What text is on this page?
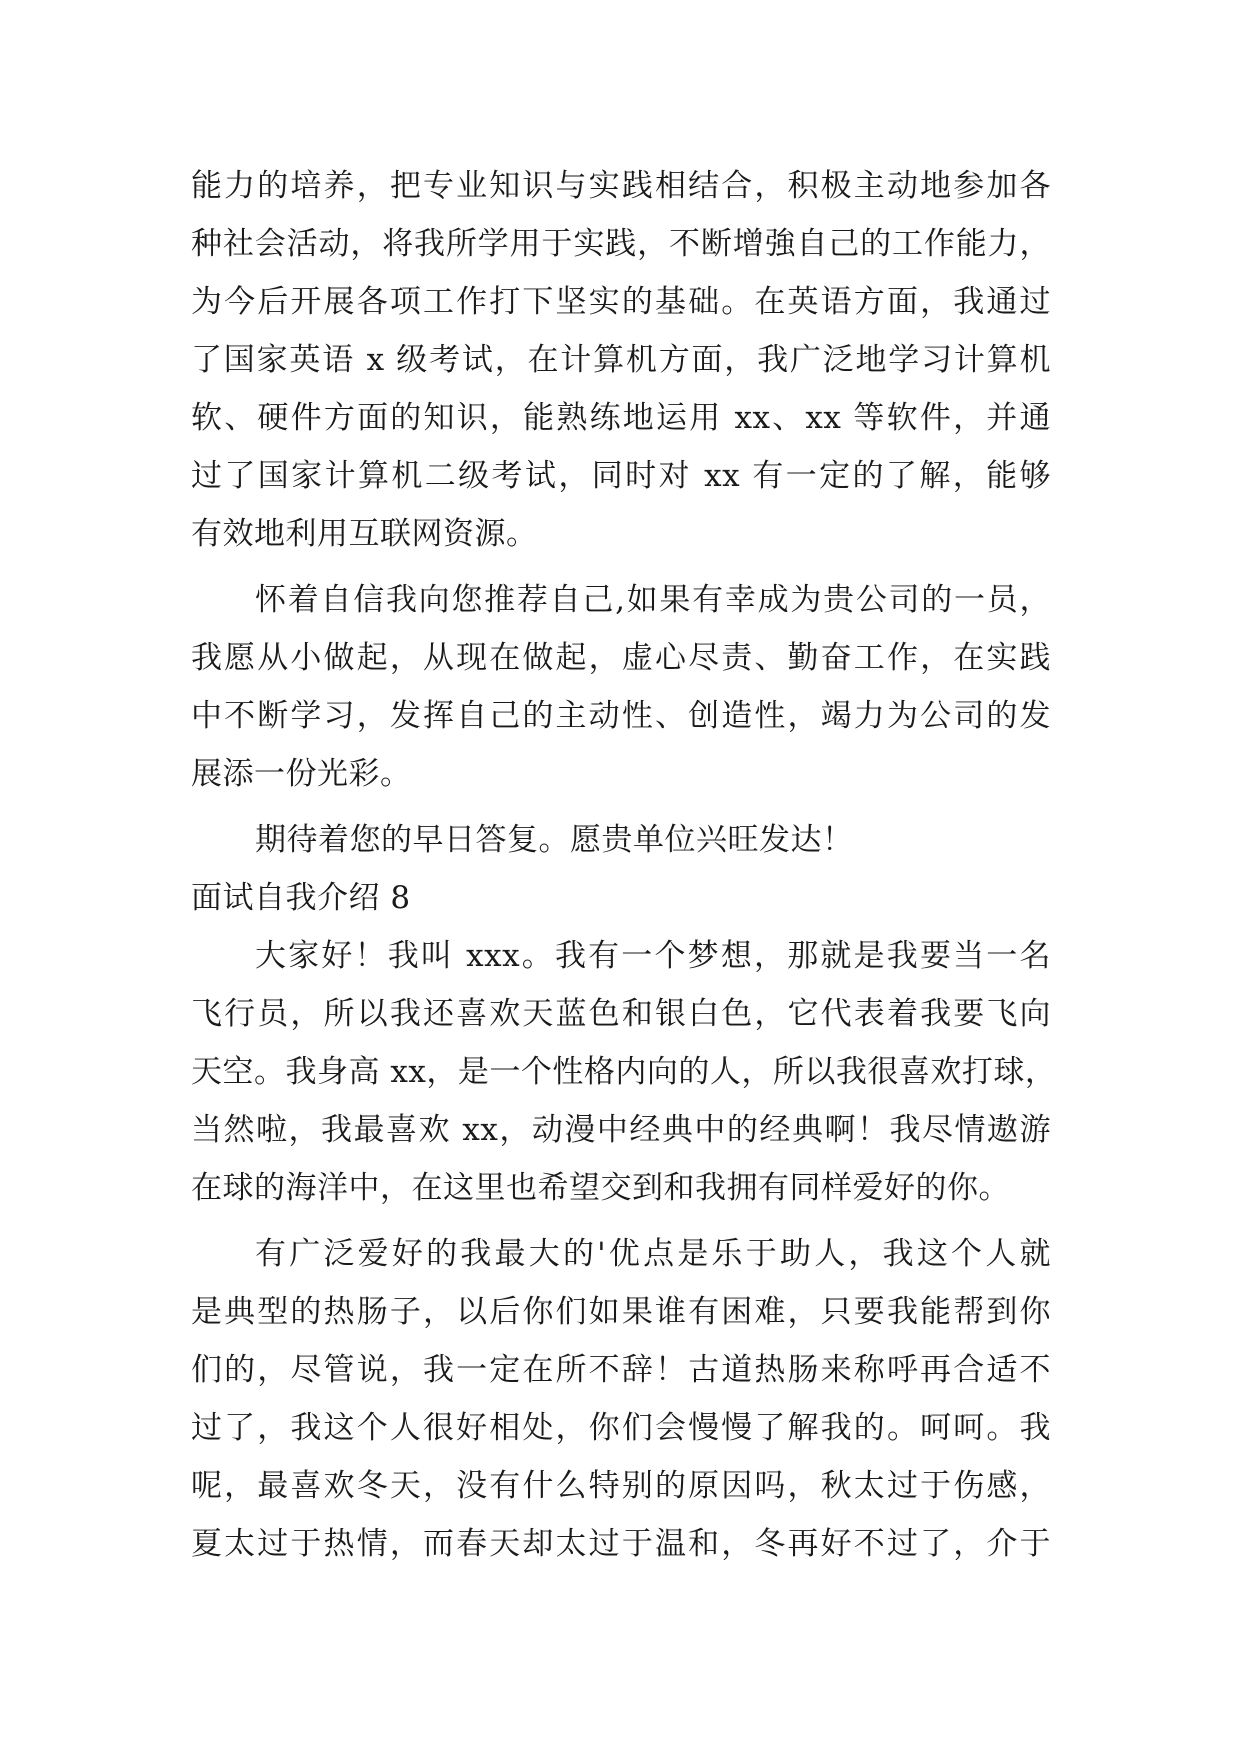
能力的培养，把专业知识与实践相结合，积极主动地参加各
种社会活动，将我所学用于实践，不断增強自己的工作能力，
为今后开展各项工作打下坚实的基础。在英语方面，我通过
了国家英语 x 级考试，在计算机方面，我广泛地学习计算机
软、硬件方面的知识，能熟练地运用 xx、xx 等软件，并通
过了国家计算机二级考试，同时对 xx 有一定的了解，能够
有效地利用互联网资源。
怀着自信我向您推荐自己,如果有幸成为贵公司的一员，
我愿从小做起，从现在做起，虚心尽责、勤奋工作，在实践
中不断学习，发挥自己的主动性、创造性，竭力为公司的发
展添一份光彩。
期待着您的早日答复。愿贵单位兴旺发达！
面试自我介绍 8
大家好！我叫 xxx。我有一个梦想，那就是我要当一名
飞行员，所以我还喜欢天蓝色和银白色，它代表着我要飞向
天空。我身高 xx，是一个性格内向的人，所以我很喜欢打球，
当然啦，我最喜欢 xx，动漫中经典中的经典啊！我尽情遨游
在球的海洋中，在这里也希望交到和我拥有同样爱好的你。
有广泛爱好的我最大的'优点是乐于助人，我这个人就
是典型的热肠子，以后你们如果谁有困难，只要我能帮到你
们的，尽管说，我一定在所不辞！古道热肠来称呼再合适不
过了，我这个人很好相处，你们会慢慢了解我的。呵呵。我
呢，最喜欢冬天，没有什么特别的原因吗，秋太过于伤感，
夏太过于热情，而春天却太过于温和，冬再好不过了，介于
